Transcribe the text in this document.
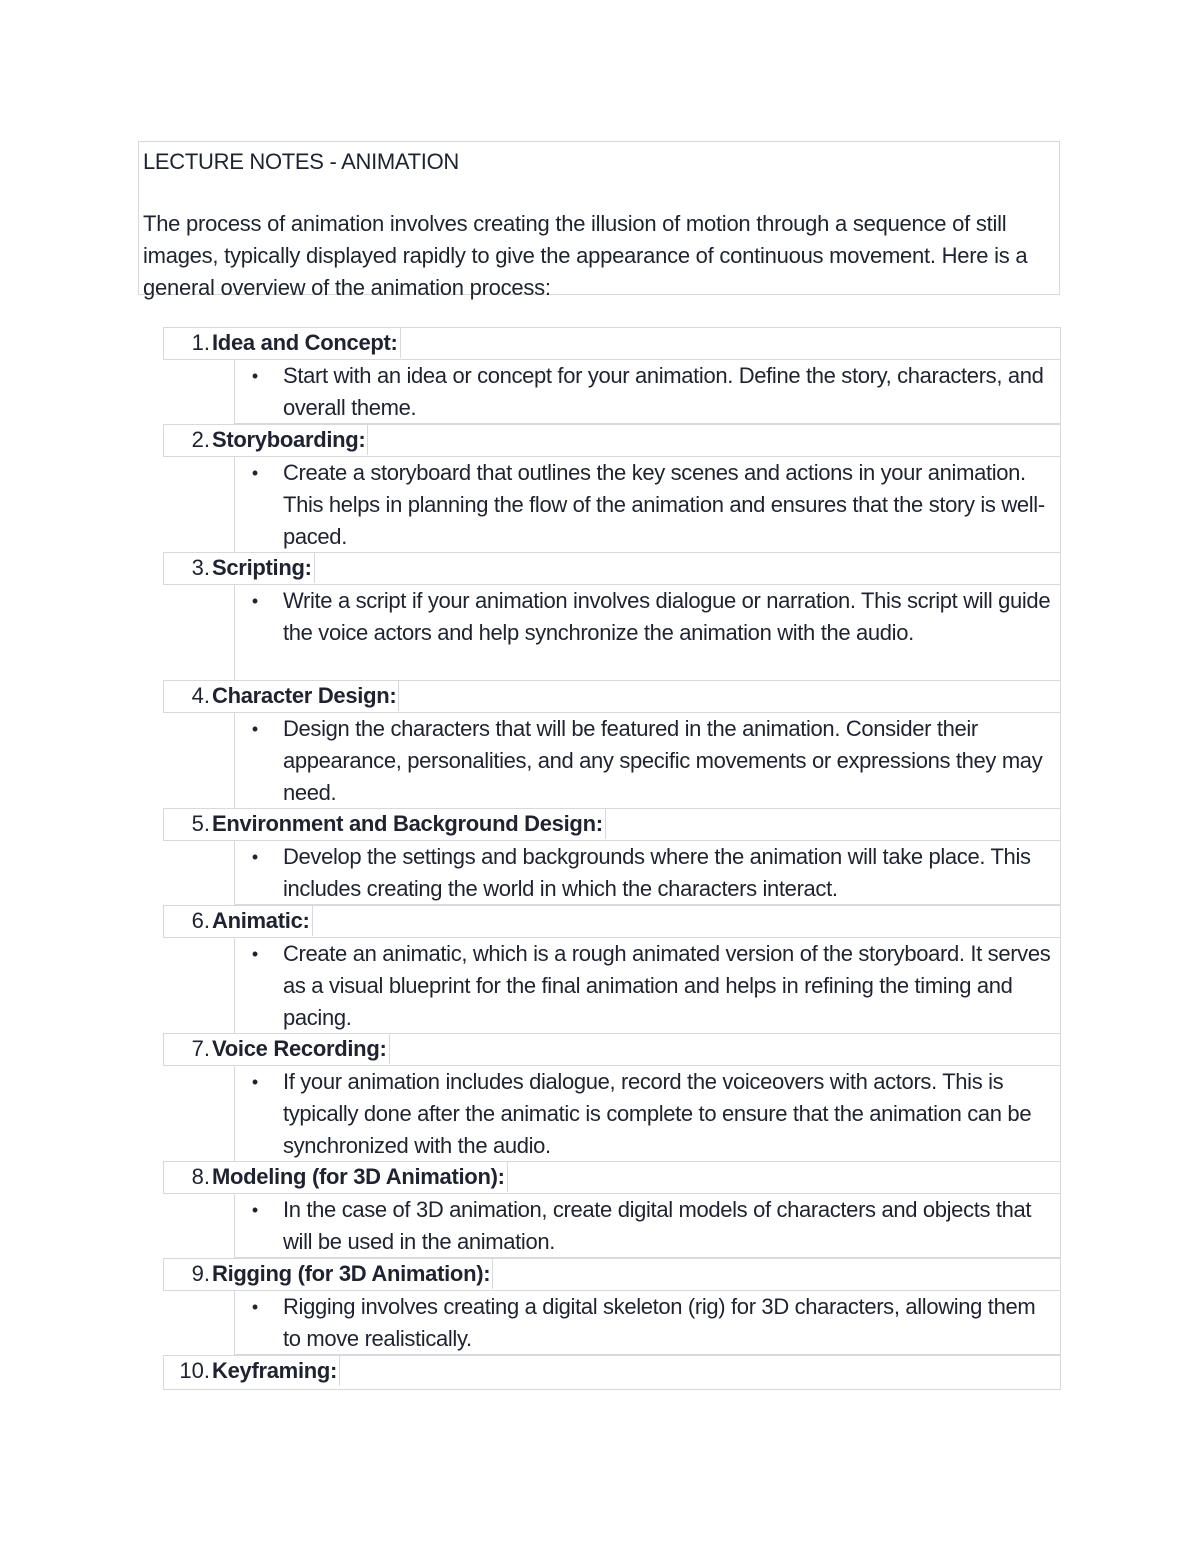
LECTURE NOTES - ANIMATION
The process of animation involves creating the illusion of motion through a sequence of still images, typically displayed rapidly to give the appearance of continuous movement. Here is a general overview of the animation process:
1. Idea and Concept:
•	Start with an idea or concept for your animation. Define the story, characters, and overall theme.
2. Storyboarding:
•	Create a storyboard that outlines the key scenes and actions in your animation. This helps in planning the flow of the animation and ensures that the story is well-paced.
3. Scripting:
•	Write a script if your animation involves dialogue or narration. This script will guide the voice actors and help synchronize the animation with the audio.
4. Character Design:
•	Design the characters that will be featured in the animation. Consider their appearance, personalities, and any specific movements or expressions they may need.
5. Environment and Background Design:
•	Develop the settings and backgrounds where the animation will take place. This includes creating the world in which the characters interact.
6. Animatic:
•	Create an animatic, which is a rough animated version of the storyboard. It serves as a visual blueprint for the final animation and helps in refining the timing and pacing.
7. Voice Recording:
•	If your animation includes dialogue, record the voiceovers with actors. This is typically done after the animatic is complete to ensure that the animation can be synchronized with the audio.
8. Modeling (for 3D Animation):
•	In the case of 3D animation, create digital models of characters and objects that will be used in the animation.
9. Rigging (for 3D Animation):
•	Rigging involves creating a digital skeleton (rig) for 3D characters, allowing them to move realistically.
10. Keyframing:
